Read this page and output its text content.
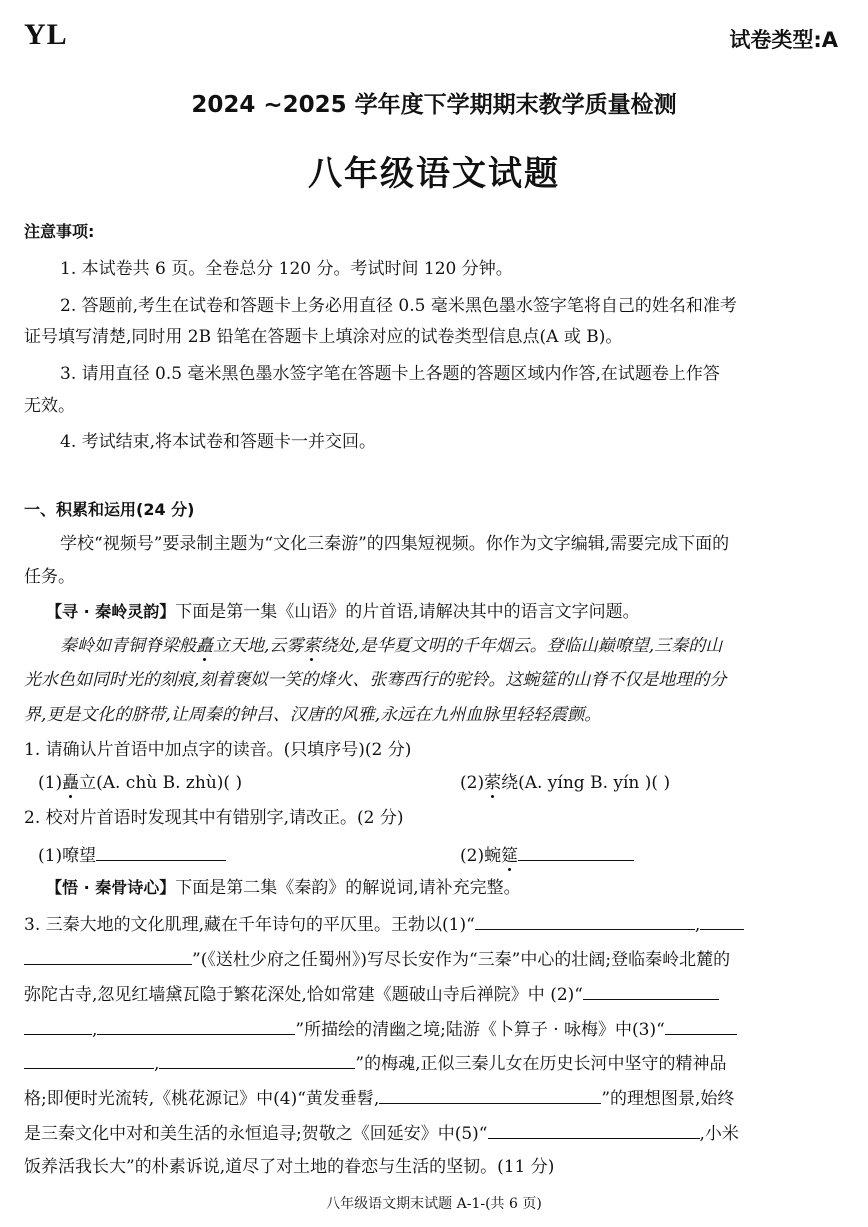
YL	试卷类型:A
2024 ~2025 学年度下学期期末教学质量检测
八年级语文试题
注意事项:
1. 本试卷共 6 页。全卷总分 120 分。考试时间 120 分钟。
2. 答题前,考生在试卷和答题卡上务必用直径 0.5 毫米黑色墨水签字笔将自己的姓名和准考
证号填写清楚,同时用 2B 铅笔在答题卡上填涂对应的试卷类型信息点(A 或 B)。
3. 请用直径 0.5 毫米黑色墨水签字笔在答题卡上各题的答题区域内作答,在试题卷上作答
无效。
4. 考试结束,将本试卷和答题卡一并交回。
一、积累和运用(24 分)
学校“视频号”要录制主题为“文化三秦游”的四集短视频。你作为文字编辑,需要完成下面的
任务。
【寻 · 秦岭灵韵】下面是第一集《山语》的片首语,请解决其中的语言文字问题。
秦岭如青铜脊梁般矗立天地,云雾萦绕处,是华夏文明的千年烟云。登临山巅嘹望,三秦的山
光水色如同时光的刻痕,刻着褒姒一笑的烽火、张骞西行的驼铃。这蜿筵的山脊不仅是地理的分
界,更是文化的脐带,让周秦的钟吕、汉唐的风雅,永远在九州血脉里轻轻震颤。
1. 请确认片首语中加点字的读音。(只填序号)(2 分)
(1)矗立(A. chù B. zhù)( )	(2)萦绕(A. yíng B. yín )( )
2. 校对片首语时发现其中有错别字,请改正。(2 分)
(1)嘹望	(2)蜿筵
【悟 · 秦骨诗心】下面是第二集《秦韵》的解说词,请补充完整。
3. 三秦大地的文化肌理,藏在千年诗句的平仄里。王勃以(1)“	,
”(《送杜少府之任蜀州》)写尽长安作为“三秦”中心的壮阔;登临秦岭北麓的
弥陀古寺,忽见红墙黛瓦隐于繁花深处,恰如常建《题破山寺后禅院》中 (2)“
,	”所描绘的清幽之境;陆游《卜算子 · 咏梅》中(3)“
,	”的梅魂,正似三秦儿女在历史长河中坚守的精神品
格;即便时光流转,《桃花源记》中(4)“黄发垂髫,	”的理想图景,始终
是三秦文化中对和美生活的永恒追寻;贺敬之《回延安》中(5)“	,小米
饭养活我长大”的朴素诉说,道尽了对土地的眷恋与生活的坚韧。(11 分)
八年级语文期末试题 A-1-(共 6 页)
